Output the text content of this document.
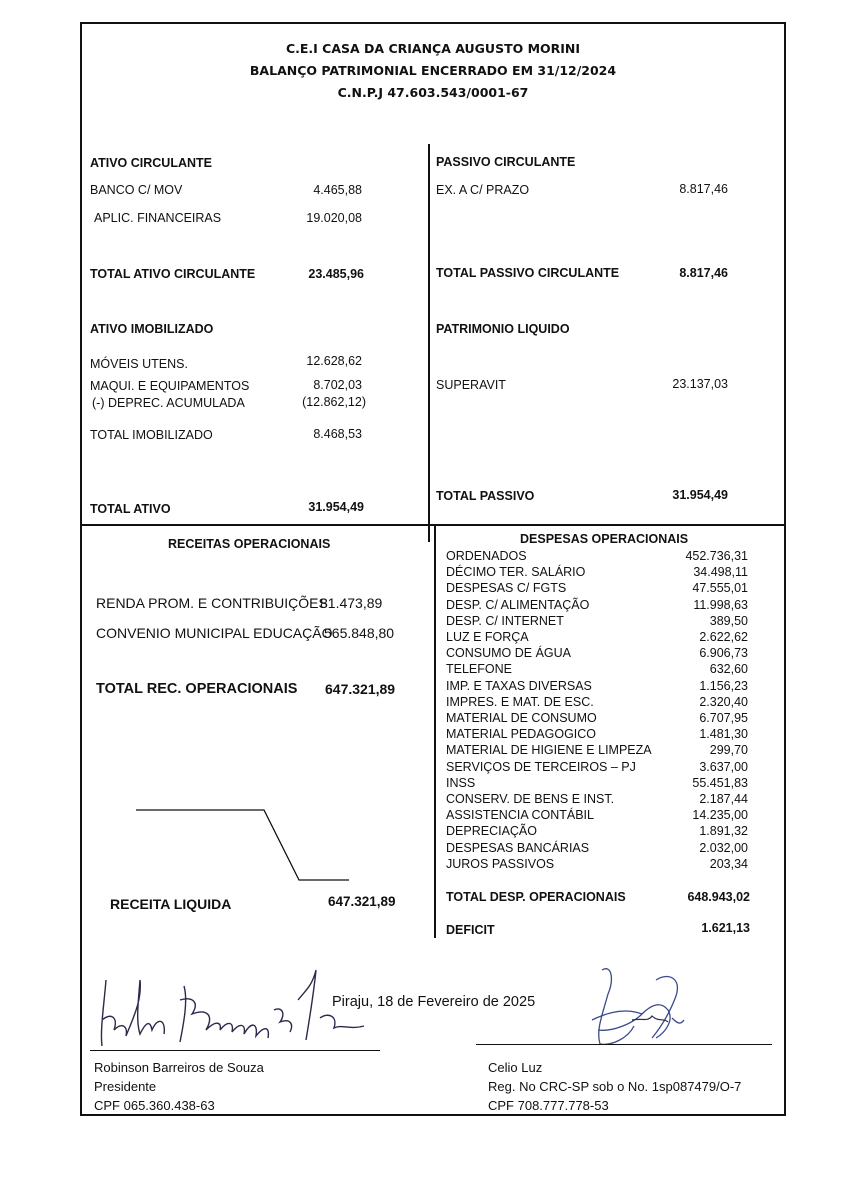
C.E.I CASA DA CRIANÇA AUGUSTO MORINI
BALANÇO PATRIMONIAL ENCERRADO EM 31/12/2024
C.N.P.J 47.603.543/0001-67
ATIVO CIRCULANTE
BANCO C/ MOV	4.465,88
APLIC. FINANCEIRAS	19.020,08
TOTAL ATIVO CIRCULANTE	23.485,96
ATIVO IMOBILIZADO
MÓVEIS UTENS.	12.628,62
MAQUI. E EQUIPAMENTOS	8.702,03
(-) DEPREC. ACUMULADA	(12.862,12)
TOTAL IMOBILIZADO	8.468,53
TOTAL ATIVO	31.954,49
PASSIVO CIRCULANTE
EX. A C/ PRAZO	8.817,46
TOTAL PASSIVO CIRCULANTE	8.817,46
PATRIMONIO LIQUIDO
SUPERAVIT	23.137,03
TOTAL PASSIVO	31.954,49
RECEITAS OPERACIONAIS
RENDA PROM. E CONTRIBUIÇÕES
81.473,89
CONVENIO MUNICIPAL EDUCAÇÃO
565.848,80
TOTAL REC. OPERACIONAIS 647.321,89
RECEITA LIQUIDA	647.321,89
DESPESAS OPERACIONAIS
ORDENADOS	452.736,31
DÉCIMO TER. SALÁRIO	34.498,11
DESPESAS C/ FGTS	47.555,01
DESP. C/ ALIMENTAÇÃO	11.998,63
DESP. C/ INTERNET	389,50
LUZ E FORÇA	2.622,62
CONSUMO DE ÁGUA	6.906,73
TELEFONE	632,60
IMP. E TAXAS DIVERSAS	1.156,23
IMPRES. E MAT. DE ESC.	2.320,40
MATERIAL DE CONSUMO	6.707,95
MATERIAL PEDAGOGICO	1.481,30
MATERIAL DE HIGIENE E LIMPEZA	299,70
SERVIÇOS DE TERCEIROS – PJ	3.637,00
INSS	55.451,83
CONSERV. DE BENS E INST.	2.187,44
ASSISTENCIA CONTÁBIL	14.235,00
DEPRECIAÇÃO	1.891,32
DESPESAS BANCÁRIAS	2.032,00
JUROS PASSIVOS	203,34
TOTAL DESP. OPERACIONAIS	648.943,02
DEFICIT	1.621,13
Piraju, 18 de Fevereiro de 2025
Robinson Barreiros de Souza
Presidente
CPF 065.360.438-63
Celio Luz
Reg. No CRC-SP sob o No. 1sp087479/O-7
CPF 708.777.778-53
